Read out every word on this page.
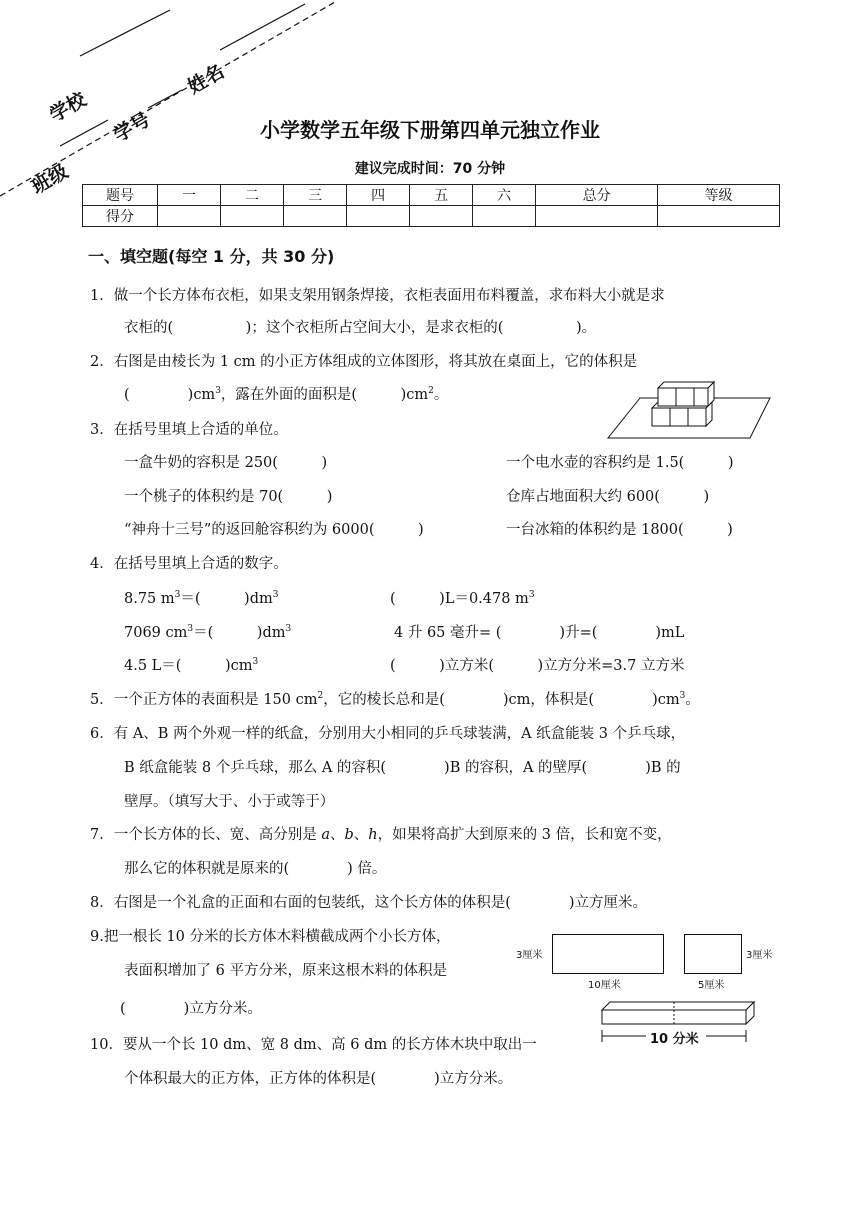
学校
班级
学号
姓名
小学数学五年级下册第四单元独立作业
建议完成时间：70 分钟
题号	一	二	三	四	五	六	总分	等级
得分								
一、填空题(每空 1 分，共 30 分)
1．做一个长方体布衣柜，如果支架用钢条焊接，衣柜表面用布料覆盖，求布料大小就是求
衣柜的(　　　　　)；这个衣柜所占空间大小，是求衣柜的(　　　　　)。
2．右图是由棱长为 1 cm 的小正方体组成的立体图形，将其放在桌面上，它的体积是
(　　　　)$cm^3$，露在外面的面积是(　　　)$cm^2$。
3．在括号里填上合适的单位。
一盒牛奶的容积是 250(　　　)	一个电水壶的容积约是 1.5(　　　)
一个桃子的体积约是 70(　　　)	仓库占地面积大约 600(　　　)
“神舟十三号”的返回舱容积约为 6000(　　　)	一台冰箱的体积约是 1800(　　　)
4．在括号里填上合适的数字。
8.75 $m^3=$(　　　)$dm^3$	(　　　)L＝0.478 $m^3$
7069 $cm^3=$(　　　)$dm^3$	4 升 65 毫升= (　　　　)升=(　　　　)mL
4.5 L＝(　　　)$cm^3$	(　　　)立方米(　　　)立方分米=3.7 立方米
5．一个正方体的表面积是 150 $cm^2$，它的棱长总和是(　　　　)cm，体积是(　　　　)$cm^3$。
6．有 A、B 两个外观一样的纸盒，分别用大小相同的乒乓球装满，A 纸盒能装 3 个乒乓球，
B 纸盒能装 8 个乒乓球，那么 A 的容积(　　　　)B 的容积，A 的壁厚(　　　　)B 的
壁厚。（填写大于、小于或等于）
7．一个长方体的长、宽、高分别是 a、b、h，如果将高扩大到原来的 3 倍，长和宽不变，
那么它的体积就是原来的(　　　　) 倍。
8．右图是一个礼盒的正面和右面的包装纸，这个长方体的体积是(　　　　)立方厘米。
3厘米
10厘米
3厘米
5厘米
9.把一根长 10 分米的长方体木料横截成两个小长方体，
表面积增加了 6 平方分米，原来这根木料的体积是
(　　　　)立方分米。
10 分米
10．要从一个长 10 dm、宽 8 dm、高 6 dm 的长方体木块中取出一
个体积最大的正方体，正方体的体积是(　　　　)立方分米。
